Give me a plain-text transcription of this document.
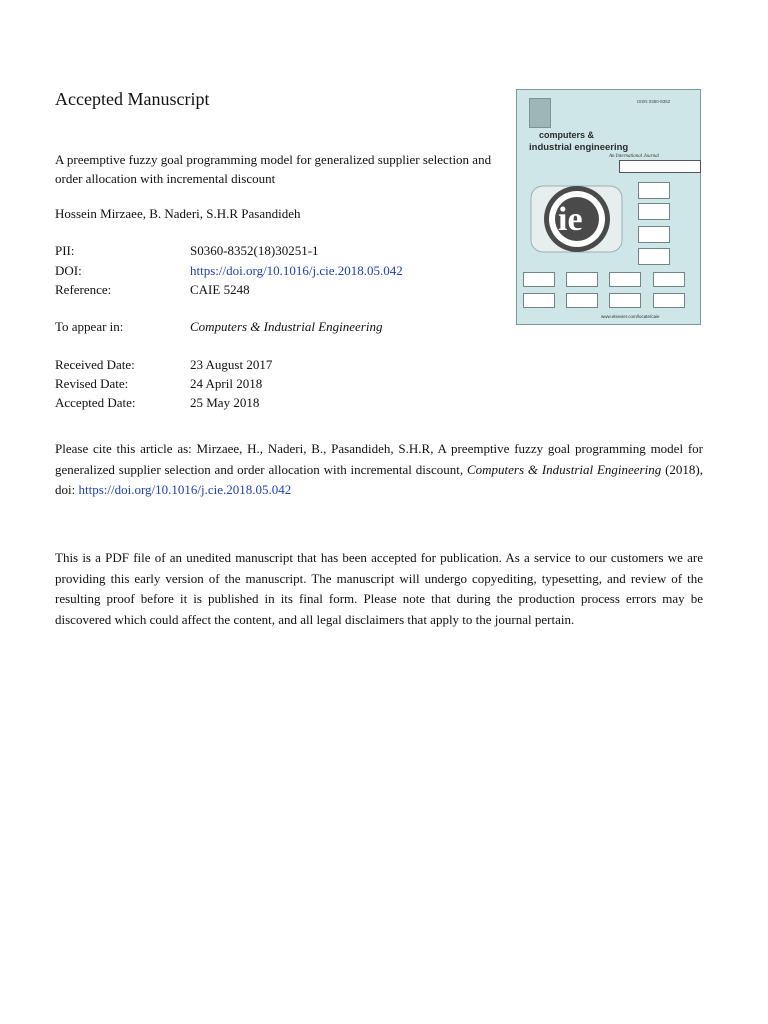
Accepted Manuscript
A preemptive fuzzy goal programming model for generalized supplier selection and order allocation with incremental discount
Hossein Mirzaee, B. Naderi, S.H.R Pasandideh
PII:	S0360-8352(18)30251-1
DOI:	https://doi.org/10.1016/j.cie.2018.05.042
Reference:	CAIE 5248
To appear in:	Computers & Industrial Engineering
Received Date:	23 August 2017
Revised Date:	24 April 2018
Accepted Date:	25 May 2018
Please cite this article as: Mirzaee, H., Naderi, B., Pasandideh, S.H.R, A preemptive fuzzy goal programming model for generalized supplier selection and order allocation with incremental discount, Computers & Industrial Engineering (2018), doi: https://doi.org/10.1016/j.cie.2018.05.042
This is a PDF file of an unedited manuscript that has been accepted for publication. As a service to our customers we are providing this early version of the manuscript. The manuscript will undergo copyediting, typesetting, and review of the resulting proof before it is published in its final form. Please note that during the production process errors may be discovered which could affect the content, and all legal disclaimers that apply to the journal pertain.
ISSN 0360-8352
computers &
industrial engineering
An International Journal
ie
www.elsevier.com/locate/caie
